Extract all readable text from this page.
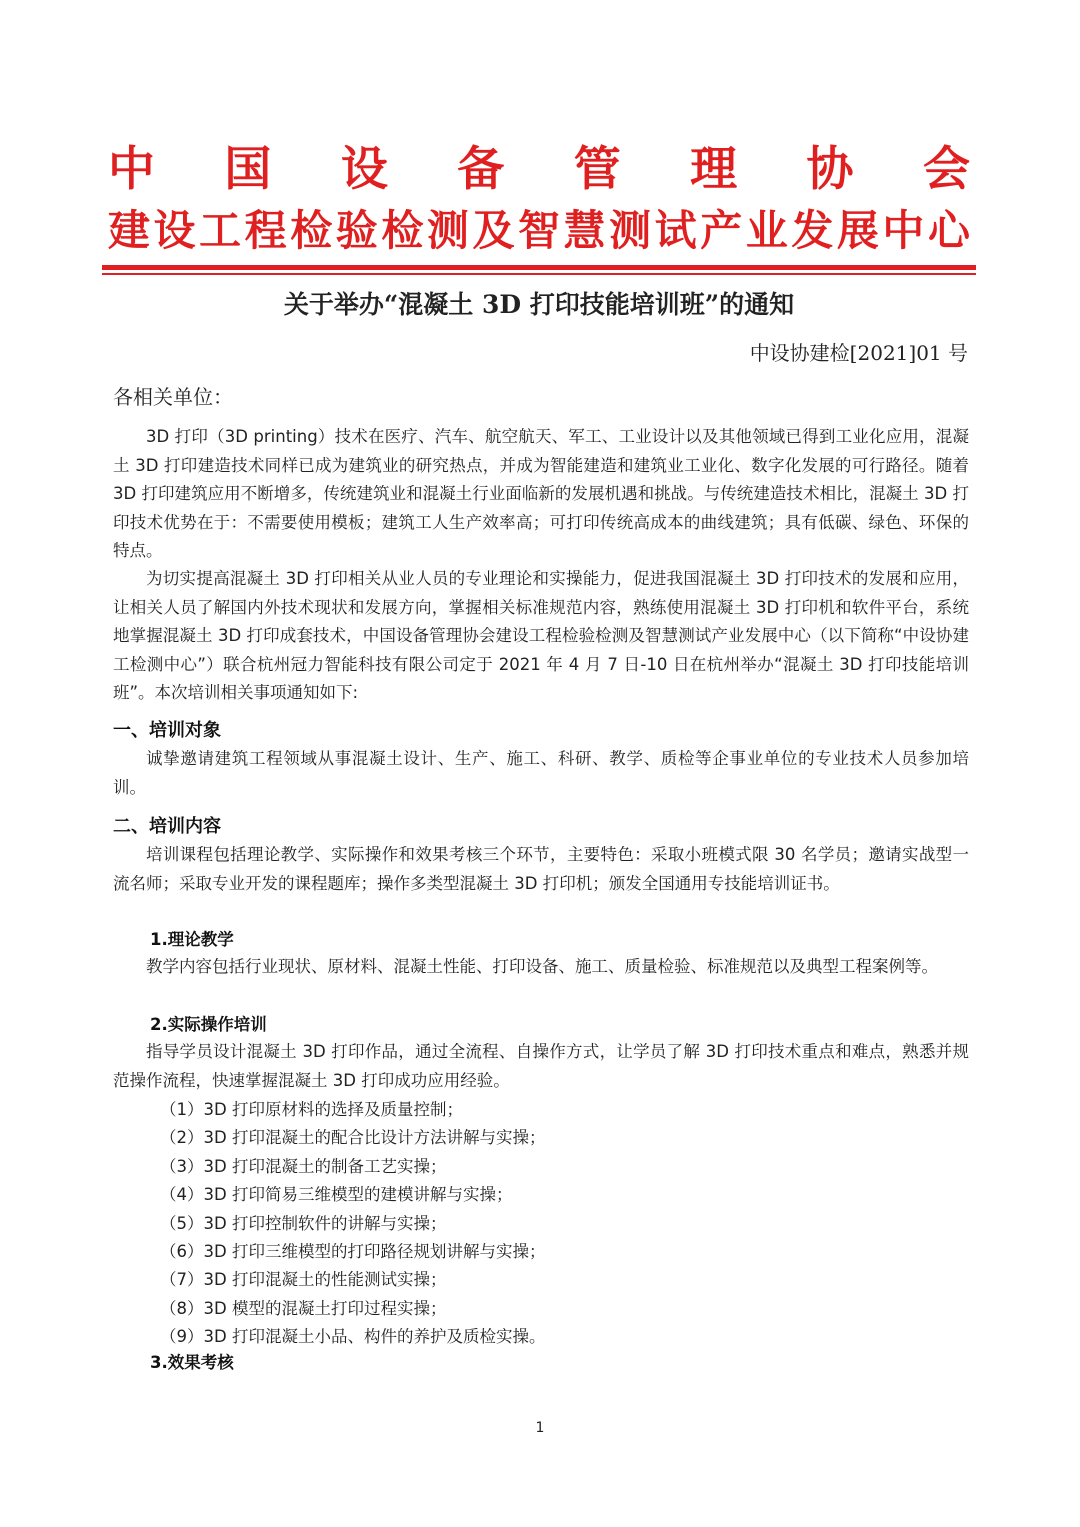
中 国 设 备 管 理 协 会
建设工程检验检测及智慧测试产业发展中心
关于举办“混凝土 3D 打印技能培训班”的通知
中设协建检[2021]01 号
各相关单位：
3D 打印（3D printing）技术在医疗、汽车、航空航天、军工、工业设计以及其他领域已得到工业化应用，混凝土 3D 打印建造技术同样已成为建筑业的研究热点，并成为智能建造和建筑业工业化、数字化发展的可行路径。随着 3D 打印建筑应用不断增多，传统建筑业和混凝土行业面临新的发展机遇和挑战。与传统建造技术相比，混凝土 3D 打印技术优势在于：不需要使用模板；建筑工人生产效率高；可打印传统高成本的曲线建筑；具有低碳、绿色、环保的特点。
为切实提高混凝土 3D 打印相关从业人员的专业理论和实操能力，促进我国混凝土 3D 打印技术的发展和应用，让相关人员了解国内外技术现状和发展方向，掌握相关标准规范内容，熟练使用混凝土 3D 打印机和软件平台，系统地掌握混凝土 3D 打印成套技术，中国设备管理协会建设工程检验检测及智慧测试产业发展中心（以下简称“中设协建工检测中心”）联合杭州冠力智能科技有限公司定于 2021 年 4 月 7 日-10 日在杭州举办“混凝土 3D 打印技能培训班”。本次培训相关事项通知如下:
一、培训对象
诚挚邀请建筑工程领域从事混凝土设计、生产、施工、科研、教学、质检等企事业单位的专业技术人员参加培训。
二、培训内容
培训课程包括理论教学、实际操作和效果考核三个环节，主要特色：采取小班模式限 30 名学员；邀请实战型一流名师；采取专业开发的课程题库；操作多类型混凝土 3D 打印机；颁发全国通用专技能培训证书。
1.理论教学
教学内容包括行业现状、原材料、混凝土性能、打印设备、施工、质量检验、标准规范以及典型工程案例等。
2.实际操作培训
指导学员设计混凝土 3D 打印作品，通过全流程、自操作方式，让学员了解 3D 打印技术重点和难点，熟悉并规范操作流程，快速掌握混凝土 3D 打印成功应用经验。
（1）3D 打印原材料的选择及质量控制；
（2）3D 打印混凝土的配合比设计方法讲解与实操；
（3）3D 打印混凝土的制备工艺实操；
（4）3D 打印简易三维模型的建模讲解与实操；
（5）3D 打印控制软件的讲解与实操；
（6）3D 打印三维模型的打印路径规划讲解与实操；
（7）3D 打印混凝土的性能测试实操；
（8）3D 模型的混凝土打印过程实操；
（9）3D 打印混凝土小品、构件的养护及质检实操。
3.效果考核
1
